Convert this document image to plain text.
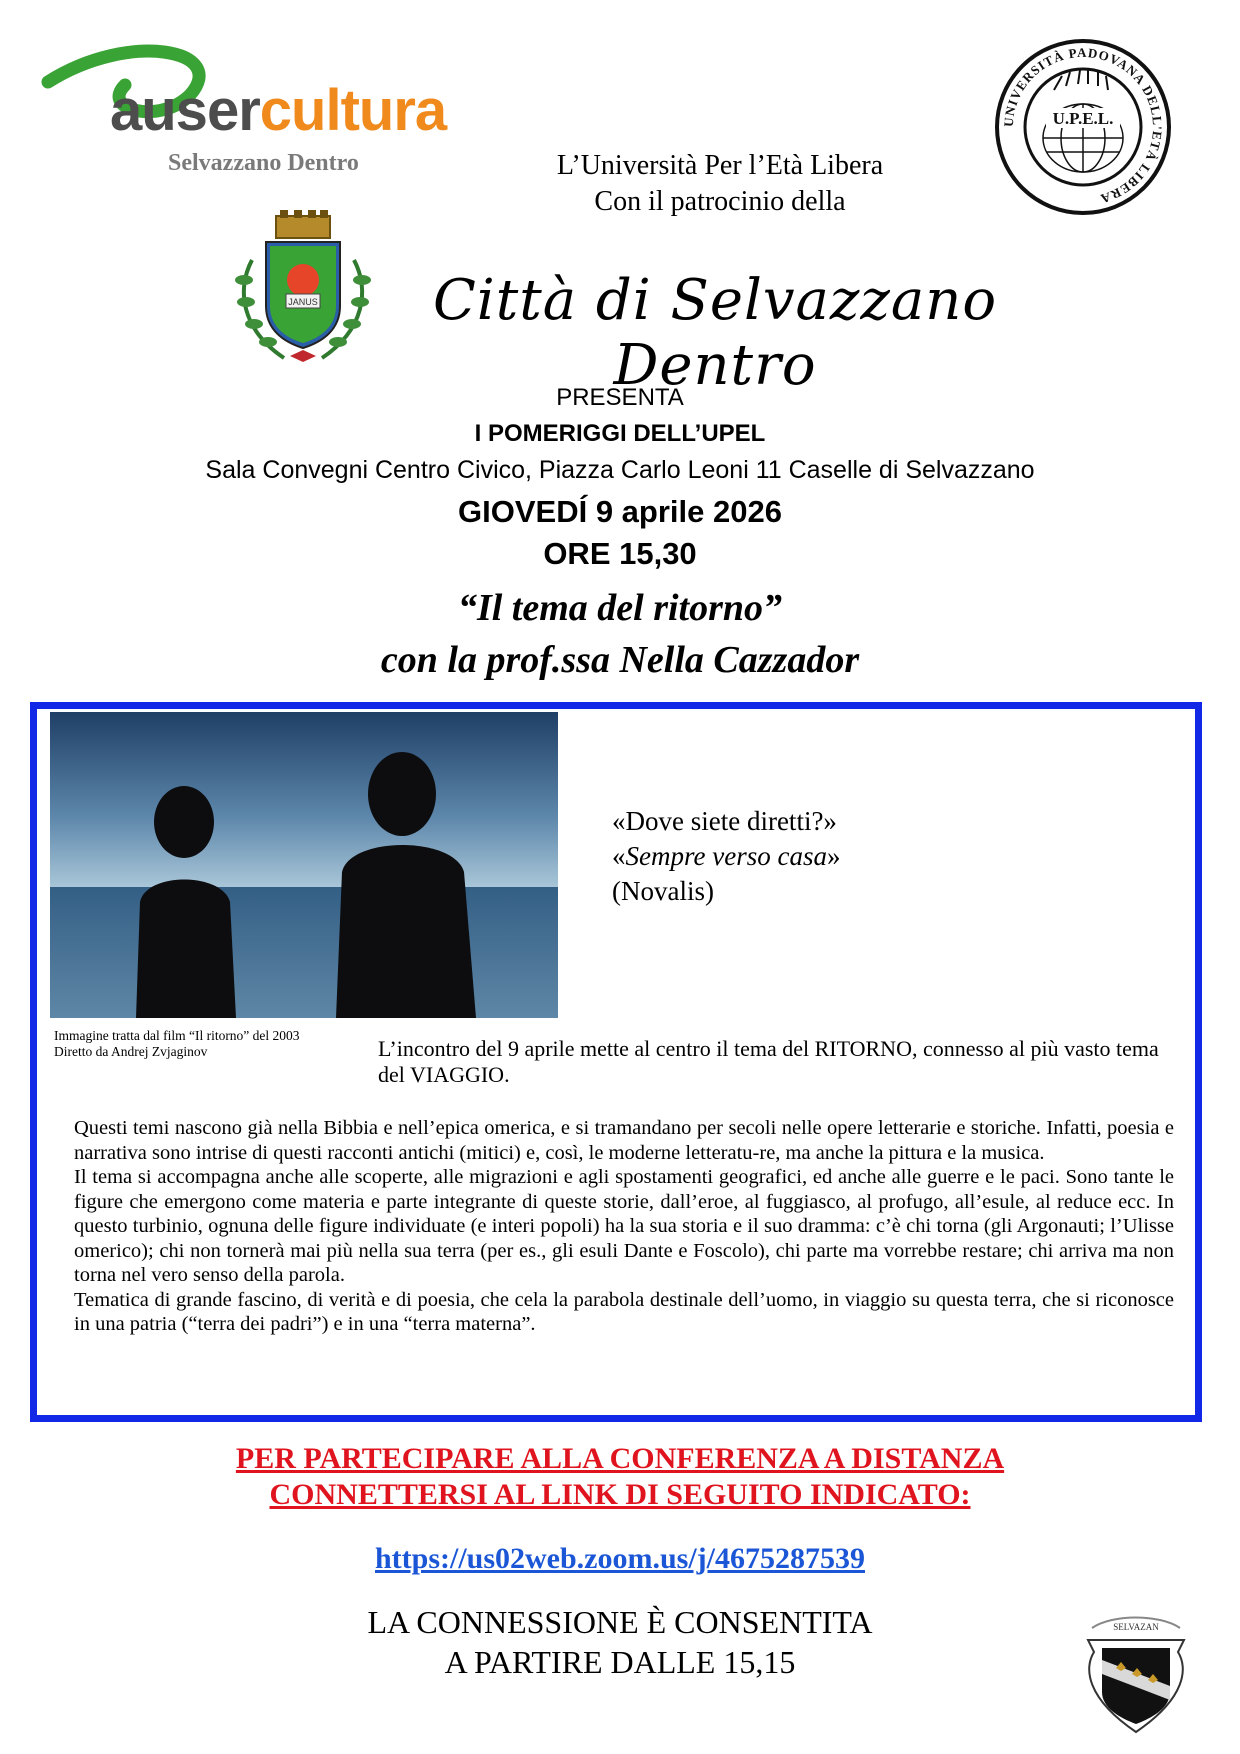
ausercultura
Selvazzano Dentro	L’Università Per l’Età Libera
Con il patrocinio della
UNIVERSITÀ PADOVANA DELL'ETÀ LIBERA
U.P.E.L.
JANUS	Città di Selvazzano Dentro
PRESENTA
I POMERIGGI DELL’UPEL
Sala Convegni Centro Civico, Piazza Carlo Leoni 11 Caselle di Selvazzano
GIOVEDÍ 9 aprile 2026
ORE 15,30
“Il tema del ritorno”
con la prof.ssa Nella Cazzador
Immagine tratta dal film “Il ritorno” del 2003
Diretto da Andrej Zvjaginov
«Dove siete diretti?»
«Sempre verso casa»
(Novalis)
L’incontro del 9 aprile mette al centro il tema del RITORNO, connesso al più vasto tema del VIAGGIO.
Questi temi nascono già nella Bibbia e nell’epica omerica, e si tramandano per secoli nelle opere letterarie e storiche. Infatti, poesia e narrativa sono intrise di questi racconti antichi (mitici) e, così, le moderne letteratu-re, ma anche la pittura e la musica.
Il tema si accompagna anche alle scoperte, alle migrazioni e agli spostamenti geografici, ed anche alle guerre e le paci. Sono tante le figure che emergono come materia e parte integrante di queste storie, dall’eroe, al fuggiasco, al profugo, all’esule, al reduce ecc. In questo turbinio, ognuna delle figure individuate (e interi popoli) ha la sua storia e il suo dramma: c’è chi torna (gli Argonauti; l’Ulisse omerico); chi non tornerà mai più nella sua terra (per es., gli esuli Dante e Foscolo), chi parte ma vorrebbe restare; chi arriva ma non torna nel vero senso della parola.
Tematica di grande fascino, di verità e di poesia, che cela la parabola destinale dell’uomo, in viaggio su questa terra, che si riconosce in una patria (“terra dei padri”) e in una “terra materna”.
PER PARTECIPARE ALLA CONFERENZA A DISTANZA
CONNETTERSI AL LINK DI SEGUITO INDICATO:
https://us02web.zoom.us/j/4675287539
LA CONNESSIONE È CONSENTITA
A PARTIRE DALLE 15,15
SELVAZAN
